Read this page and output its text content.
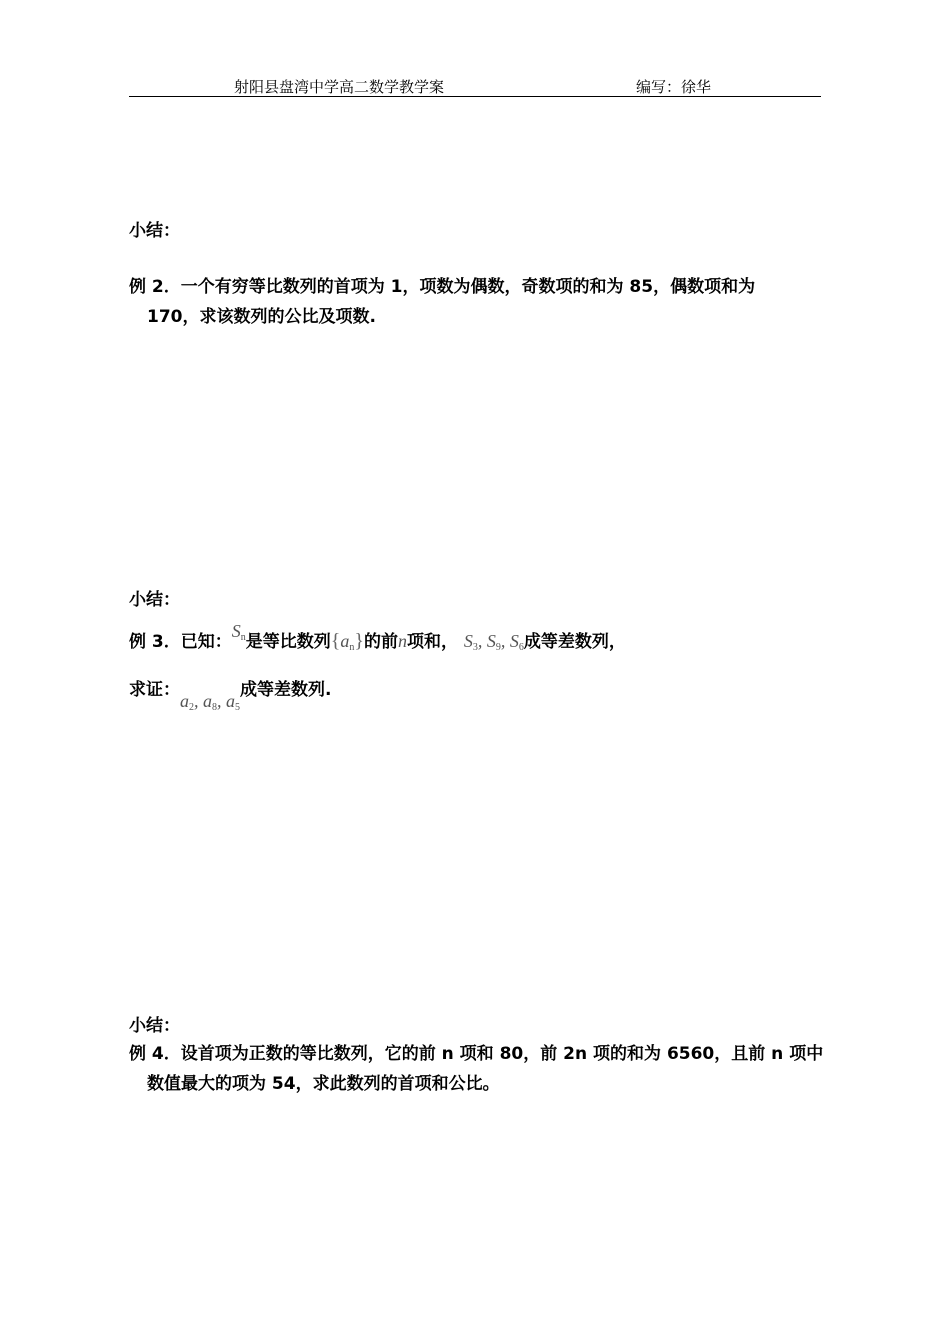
射阳县盘湾中学高二数学教学案	编写：徐华
小结：
例 2．一个有穷等比数列的首项为 1，项数为偶数，奇数项的和为 85，偶数项和为
170，求该数列的公比及项数.
小结：
例 3．已知：$S_n$是等比数列$\{a_n\}$的前n项和， $S_3$, $S_9$, $S_6$成等差数列，
求证：$a_2$, $a_8$, $a_5$成等差数列.
小结：
例 4．设首项为正数的等比数列，它的前 n 项和 80，前 2n 项的和为 6560，且前 n 项中
数值最大的项为 54，求此数列的首项和公比。
